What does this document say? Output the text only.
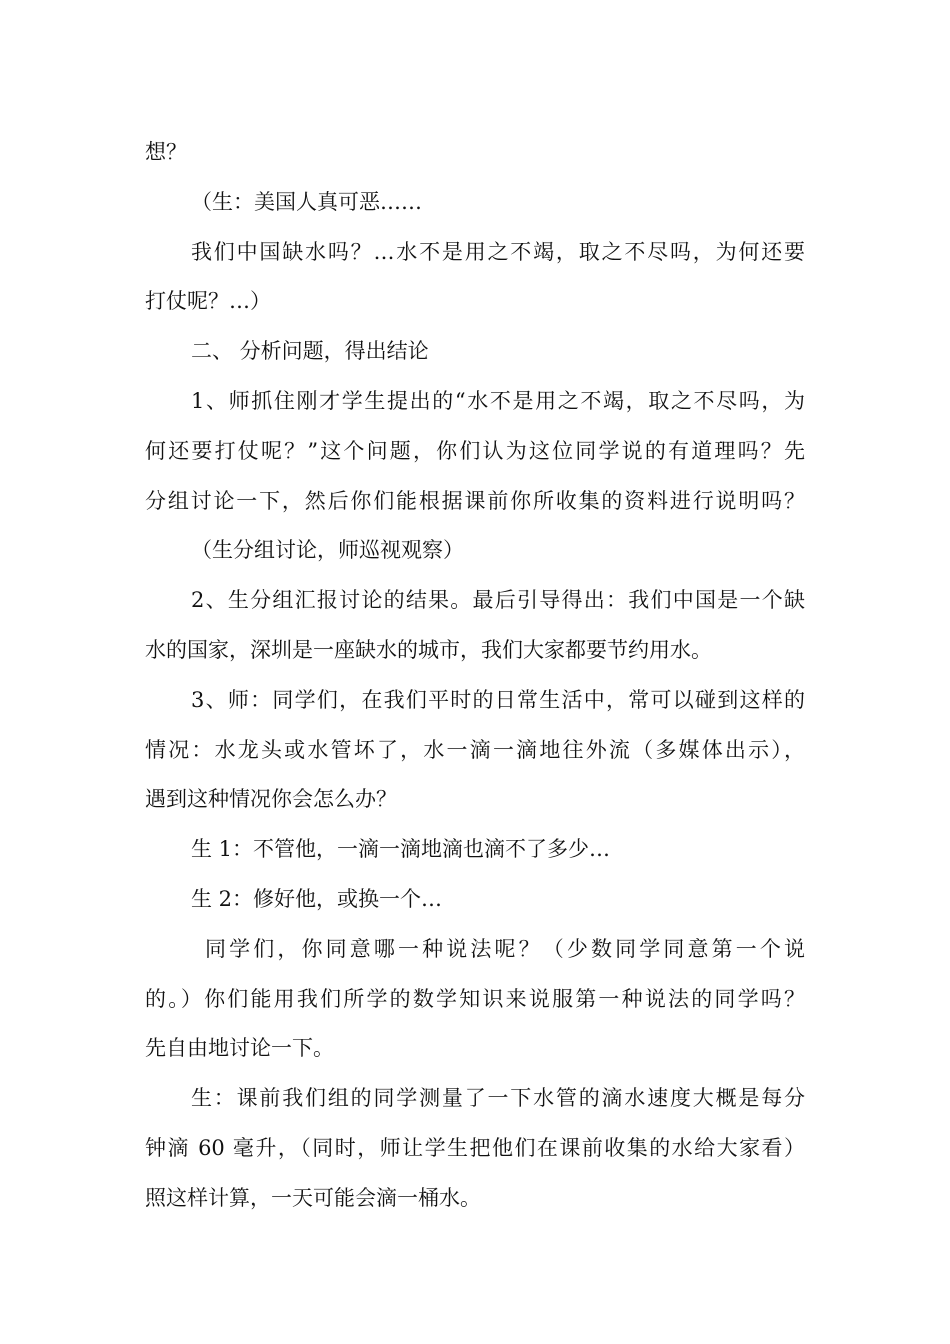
想？
（生：美国人真可恶……
我们中国缺水吗？…水不是用之不竭，取之不尽吗，为何还要
打仗呢？…）
二、 分析问题，得出结论
1、师抓住刚才学生提出的“水不是用之不竭，取之不尽吗，为
何还要打仗呢？”这个问题，你们认为这位同学说的有道理吗？先
分组讨论一下，然后你们能根据课前你所收集的资料进行说明吗？
（生分组讨论，师巡视观察）
2、生分组汇报讨论的结果。最后引导得出：我们中国是一个缺
水的国家，深圳是一座缺水的城市，我们大家都要节约用水。
3、师：同学们，在我们平时的日常生活中，常可以碰到这样的
情况：水龙头或水管坏了，水一滴一滴地往外流（多媒体出示），
遇到这种情况你会怎么办？
生 1：不管他，一滴一滴地滴也滴不了多少…
生 2：修好他，或换一个…
同学们，你同意哪一种说法呢？（少数同学同意第一个说
的。）你们能用我们所学的数学知识来说服第一种说法的同学吗？
先自由地讨论一下。
生：课前我们组的同学测量了一下水管的滴水速度大概是每分
钟滴 60 毫升，（同时，师让学生把他们在课前收集的水给大家看）
照这样计算，一天可能会滴一桶水。
